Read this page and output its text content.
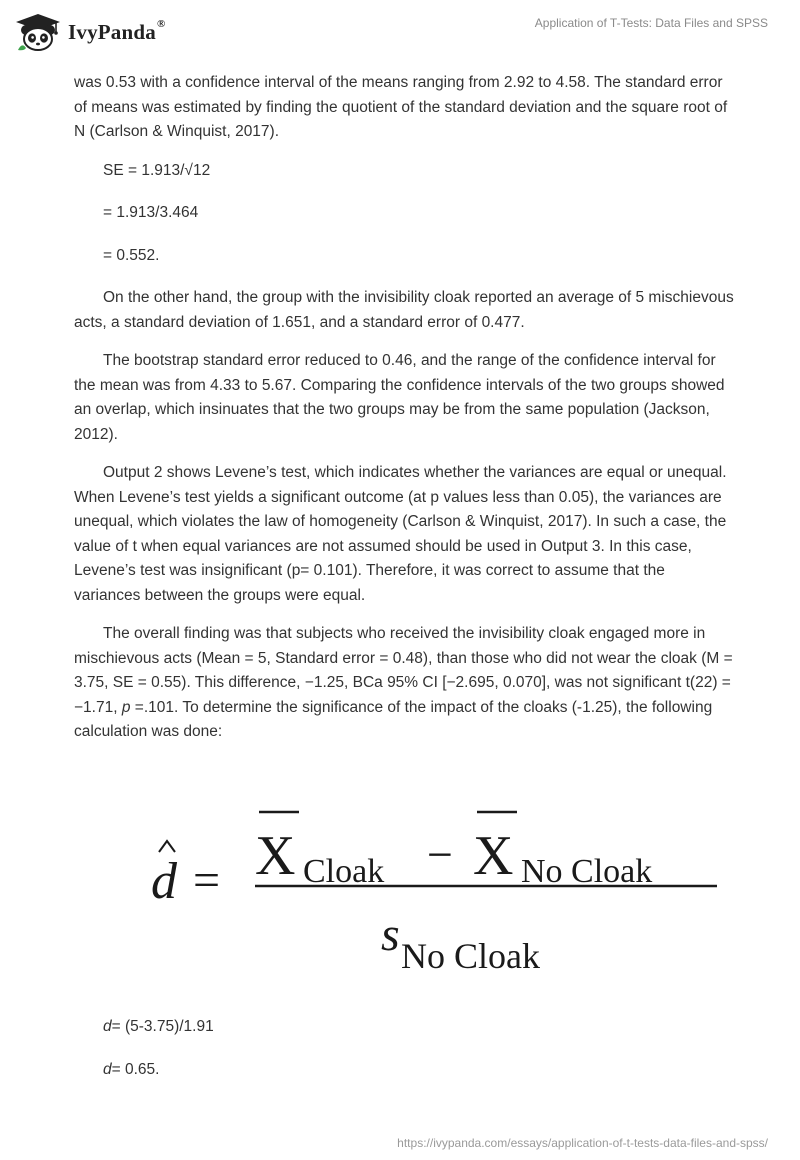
IvyPanda®	Application of T-Tests: Data Files and SPSS

was 0.53 with a confidence interval of the means ranging from 2.92 to 4.58. The standard error of means was estimated by finding the quotient of the standard deviation and the square root of N (Carlson & Winquist, 2017).

SE = 1.913/√12

= 1.913/3.464

= 0.552.

On the other hand, the group with the invisibility cloak reported an average of 5 mischievous acts, a standard deviation of 1.651, and a standard error of 0.477.

The bootstrap standard error reduced to 0.46, and the range of the confidence interval for the mean was from 4.33 to 5.67. Comparing the confidence intervals of the two groups showed an overlap, which insinuates that the two groups may be from the same population (Jackson, 2012).

Output 2 shows Levene’s test, which indicates whether the variances are equal or unequal. When Levene’s test yields a significant outcome (at p values less than 0.05), the variances are unequal, which violates the law of homogeneity (Carlson & Winquist, 2017). In such a case, the value of t when equal variances are not assumed should be used in Output 3. In this case, Levene’s test was insignificant (p= 0.101). Therefore, it was correct to assume that the variances between the groups were equal.

The overall finding was that subjects who received the invisibility cloak engaged more in mischievous acts (Mean = 5, Standard error = 0.48), than those who did not wear the cloak (M = 3.75, SE = 0.55). This difference, −1.25, BCa 95% CI [−2.695, 0.070], was not significant t(22) = −1.71, p =.101. To determine the significance of the impact of the cloaks (-1.25), the following calculation was done:

d = X Cloak − X No Cloak
s No Cloak

d= (5-3.75)/1.91

d= 0.65.

https://ivypanda.com/essays/application-of-t-tests-data-files-and-spss/
